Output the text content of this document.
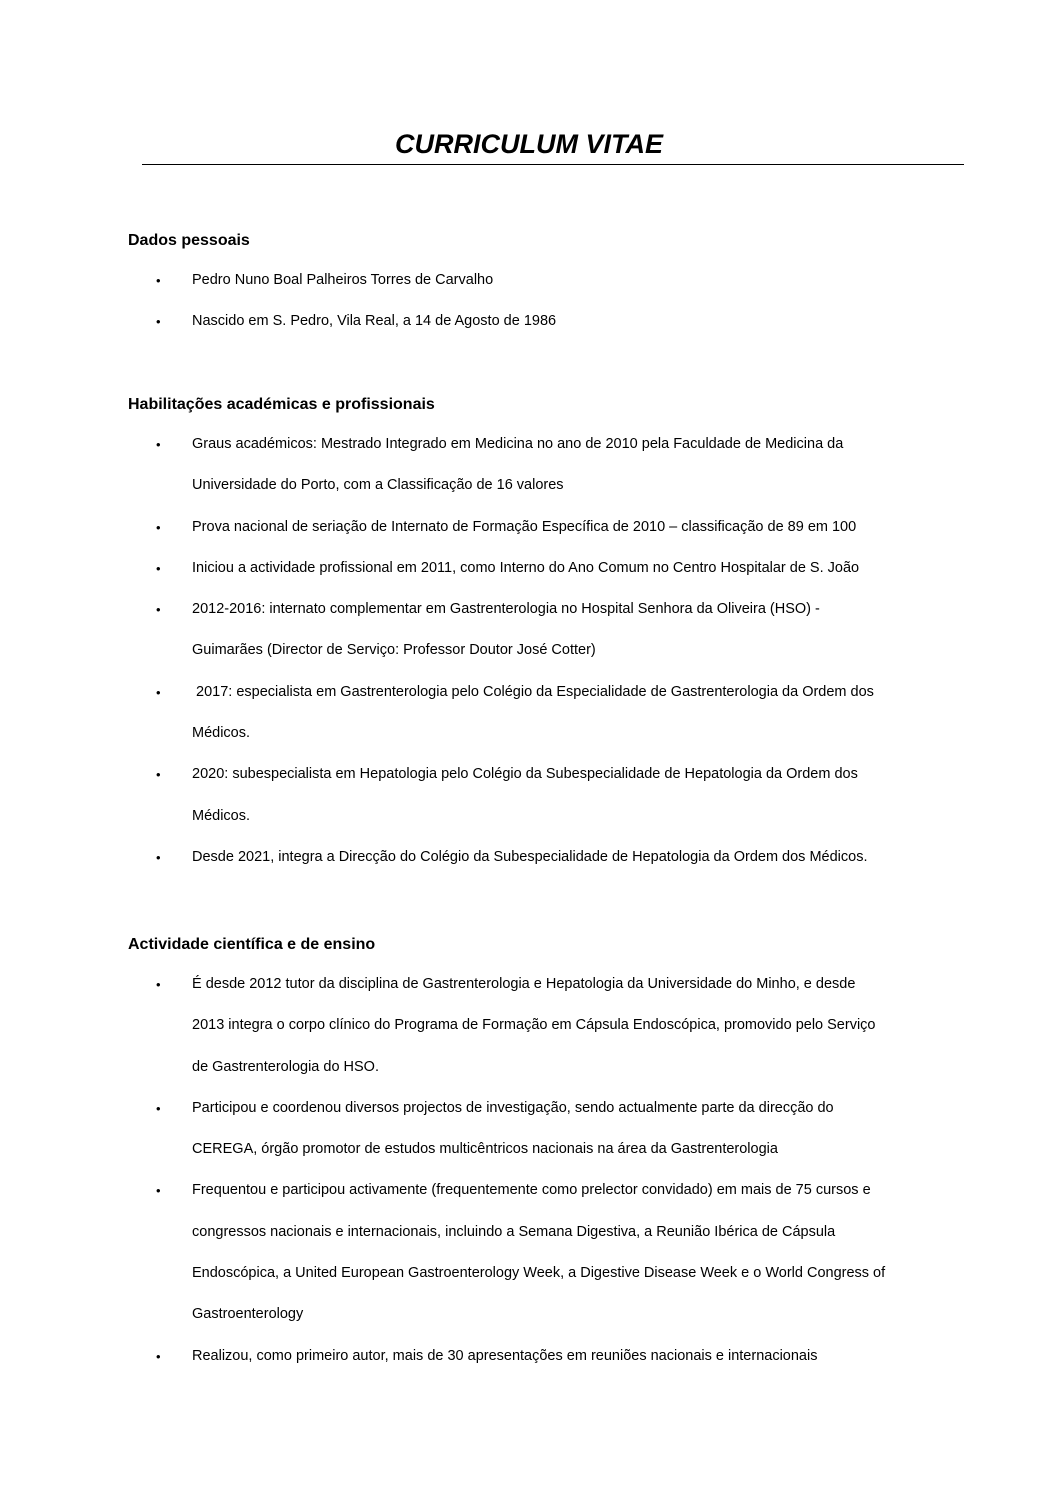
CURRICULUM VITAE
Dados pessoais
• Pedro Nuno Boal Palheiros Torres de Carvalho
• Nascido em S. Pedro, Vila Real, a 14 de Agosto de 1986
Habilitações académicas e profissionais
• Graus académicos: Mestrado Integrado em Medicina no ano de 2010 pela Faculdade de Medicina da
Universidade do Porto, com a Classificação de 16 valores
• Prova nacional de seriação de Internato de Formação Específica de 2010 – classificação de 89 em 100
• Iniciou a actividade profissional em 2011, como Interno do Ano Comum no Centro Hospitalar de S. João
• 2012-2016: internato complementar em Gastrenterologia no Hospital Senhora da Oliveira (HSO) -
Guimarães (Director de Serviço: Professor Doutor José Cotter)
• 2017: especialista em Gastrenterologia pelo Colégio da Especialidade de Gastrenterologia da Ordem dos
Médicos.
• 2020: subespecialista em Hepatologia pelo Colégio da Subespecialidade de Hepatologia da Ordem dos
Médicos.
• Desde 2021, integra a Direcção do Colégio da Subespecialidade de Hepatologia da Ordem dos Médicos.
Actividade científica e de ensino
• É desde 2012 tutor da disciplina de Gastrenterologia e Hepatologia da Universidade do Minho, e desde
2013 integra o corpo clínico do Programa de Formação em Cápsula Endoscópica, promovido pelo Serviço
de Gastrenterologia do HSO.
• Participou e coordenou diversos projectos de investigação, sendo actualmente parte da direcção do
CEREGA, órgão promotor de estudos multicêntricos nacionais na área da Gastrenterologia
• Frequentou e participou activamente (frequentemente como prelector convidado) em mais de 75 cursos e
congressos nacionais e internacionais, incluindo a Semana Digestiva, a Reunião Ibérica de Cápsula
Endoscópica, a United European Gastroenterology Week, a Digestive Disease Week e o World Congress of
Gastroenterology
• Realizou, como primeiro autor, mais de 30 apresentações em reuniões nacionais e internacionais
